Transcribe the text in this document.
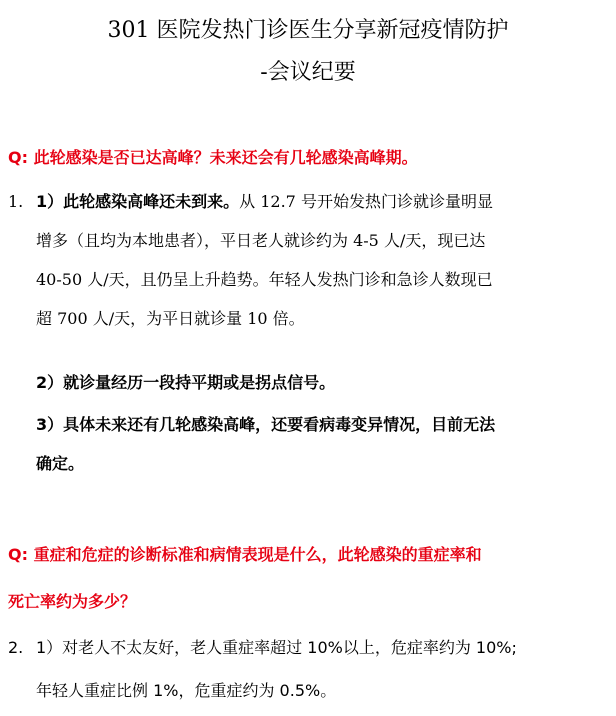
301 医院发热门诊医生分享新冠疫情防护
-会议纪要
Q: 此轮感染是否已达高峰？未来还会有几轮感染高峰期。
1. 1）此轮感染高峰还未到来。从 12.7 号开始发热门诊就诊量明显
增多（且均为本地患者），平日老人就诊约为 4-5 人/天，现已达
40-50 人/天，且仍呈上升趋势。年轻人发热门诊和急诊人数现已
超 700 人/天，为平日就诊量 10 倍。
2）就诊量经历一段持平期或是拐点信号。
3）具体未来还有几轮感染高峰，还要看病毒变异情况，目前无法
确定。
Q: 重症和危症的诊断标准和病情表现是什么，此轮感染的重症率和
死亡率约为多少？
2. 1）对老人不太友好，老人重症率超过 10%以上，危症率约为 10%;
年轻人重症比例 1%，危重症约为 0.5%。
